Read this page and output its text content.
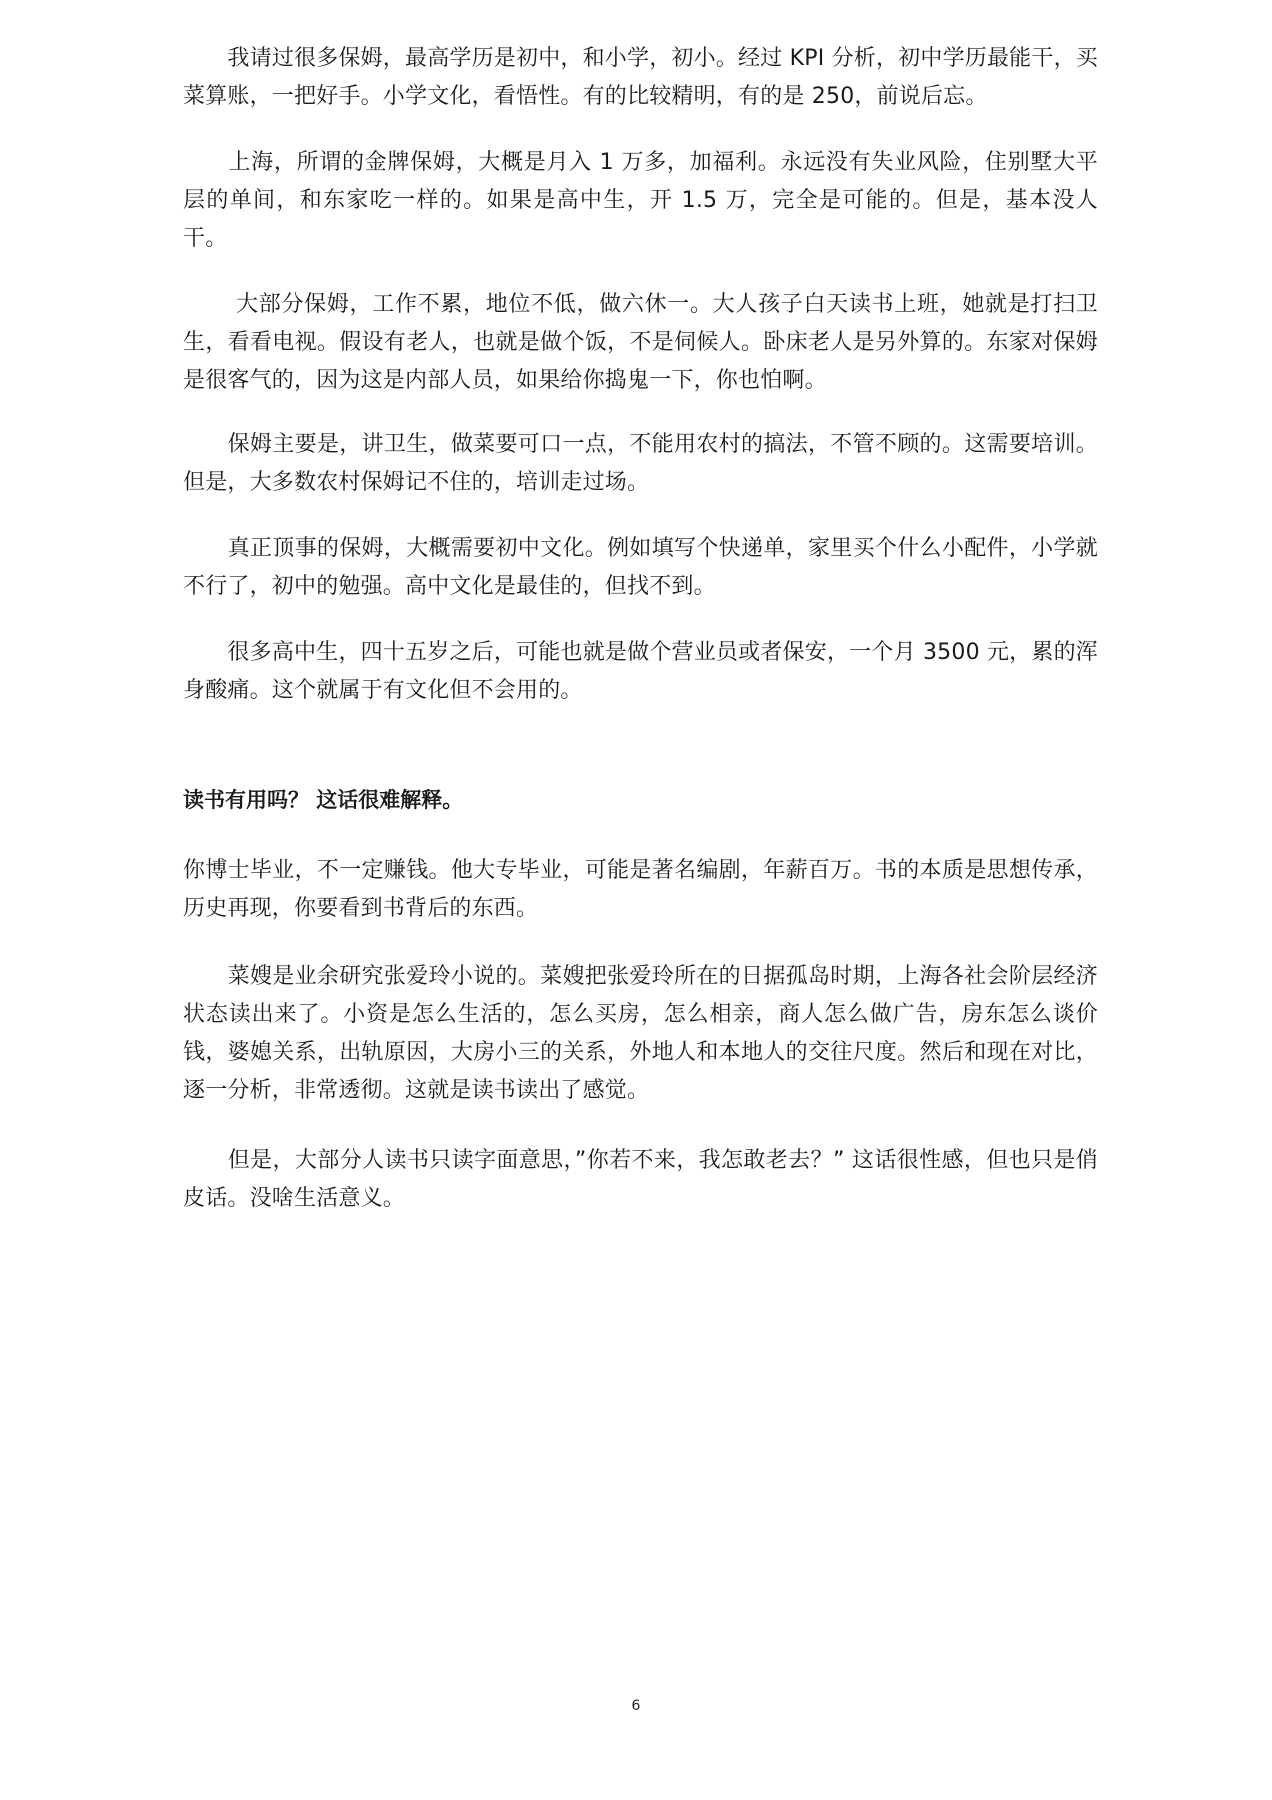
　　我请过很多保姆，最高学历是初中，和小学，初小。经过 KPI 分析，初中学历最能干，买菜算账，一把好手。小学文化，看悟性。有的比较精明，有的是 250，前说后忘。

　　上海，所谓的金牌保姆，大概是月入 1 万多，加福利。永远没有失业风险，住别墅大平层的单间，和东家吃一样的。如果是高中生，开 1.5 万，完全是可能的。但是，基本没人干。

　　 大部分保姆，工作不累，地位不低，做六休一。大人孩子白天读书上班，她就是打扫卫生，看看电视。假设有老人，也就是做个饭，不是伺候人。卧床老人是另外算的。东家对保姆是很客气的，因为这是内部人员，如果给你捣鬼一下，你也怕啊。

　　保姆主要是，讲卫生，做菜要可口一点，不能用农村的搞法，不管不顾的。这需要培训。但是，大多数农村保姆记不住的，培训走过场。

　　真正顶事的保姆，大概需要初中文化。例如填写个快递单，家里买个什么小配件，小学就不行了，初中的勉强。高中文化是最佳的，但找不到。

　　很多高中生，四十五岁之后，可能也就是做个营业员或者保安，一个月 3500 元，累的浑身酸痛。这个就属于有文化但不会用的。

读书有用吗？ 这话很难解释。

你博士毕业，不一定赚钱。他大专毕业，可能是著名编剧，年薪百万。书的本质是思想传承，历史再现，你要看到书背后的东西。

　　菜嫂是业余研究张爱玲小说的。菜嫂把张爱玲所在的日据孤岛时期，上海各社会阶层经济状态读出来了。小资是怎么生活的，怎么买房，怎么相亲，商人怎么做广告，房东怎么谈价钱，婆媳关系，出轨原因，大房小三的关系，外地人和本地人的交往尺度。然后和现在对比，逐一分析，非常透彻。这就是读书读出了感觉。

　　但是，大部分人读书只读字面意思，”你若不来，我怎敢老去？” 这话很性感，但也只是俏皮话。没啥生活意义。

6
